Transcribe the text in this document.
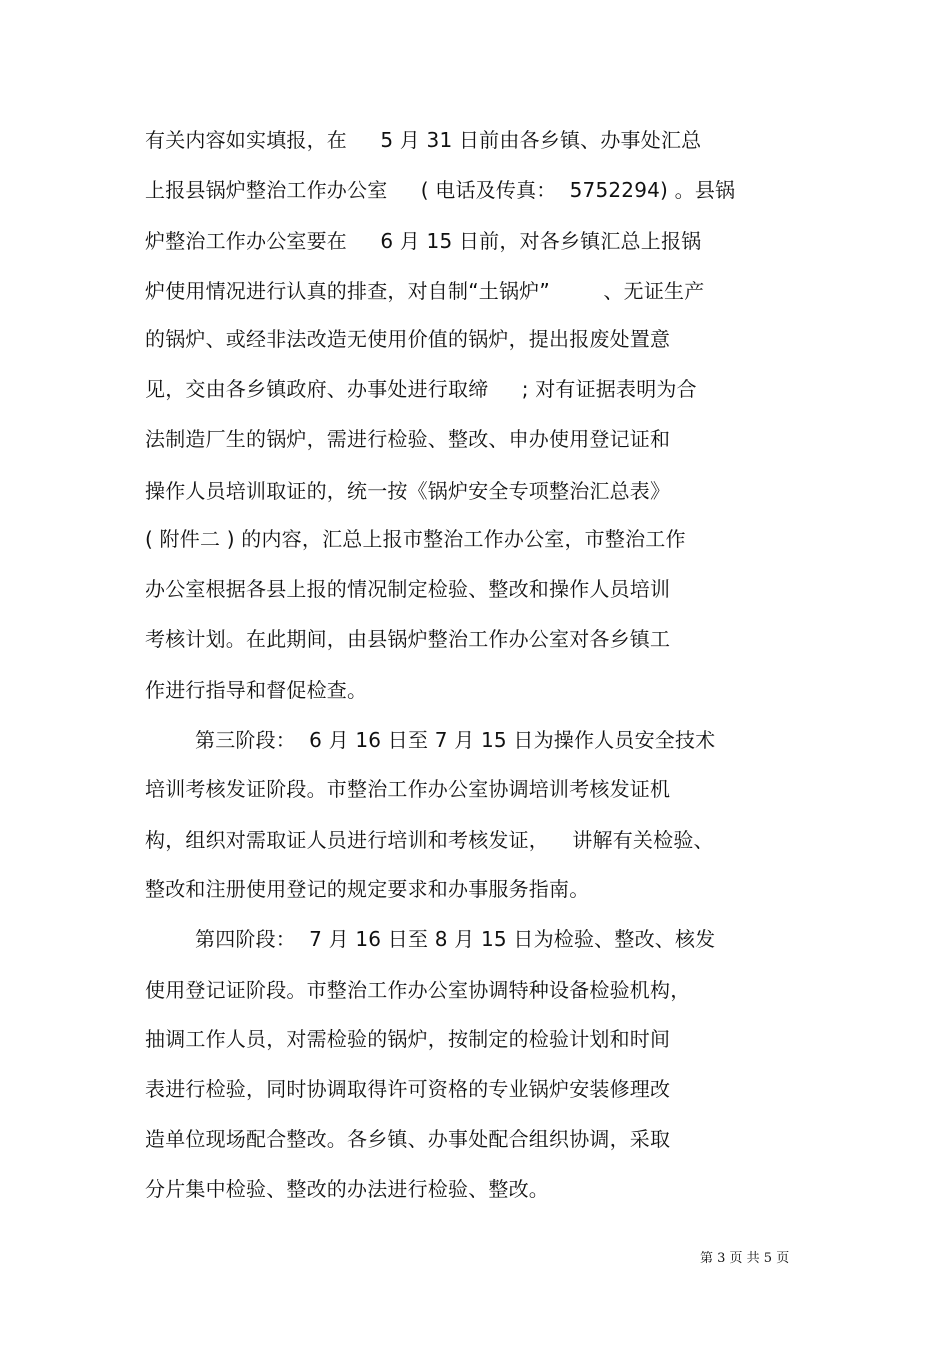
有关内容如实填报，在　  5 月 31 日前由各乡镇、办事处汇总
上报县锅炉整治工作办公室　  ( 电话及传真：  5752294) 。县锅
炉整治工作办公室要在　  6 月 15 日前，对各乡镇汇总上报锅
炉使用情况进行认真的排查，对自制“土锅炉”　　  、无证生产
的锅炉、或经非法改造无使用价值的锅炉，提出报废处置意
见，交由各乡镇政府、办事处进行取缔　  ; 对有证据表明为合
法制造厂生的锅炉，需进行检验、整改、申办使用登记证和
操作人员培训取证的，统一按《锅炉安全专项整治汇总表》
( 附件二 ) 的内容，汇总上报市整治工作办公室，市整治工作
办公室根据各县上报的情况制定检验、整改和操作人员培训
考核计划。在此期间，由县锅炉整治工作办公室对各乡镇工
作进行指导和督促检查。
第三阶段：  6 月 16 日至 7 月 15 日为操作人员安全技术
培训考核发证阶段。市整治工作办公室协调培训考核发证机
构，组织对需取证人员进行培训和考核发证，　  讲解有关检验、
整改和注册使用登记的规定要求和办事服务指南。
第四阶段：  7 月 16 日至 8 月 15 日为检验、整改、核发
使用登记证阶段。市整治工作办公室协调特种设备检验机构，
抽调工作人员，对需检验的锅炉，按制定的检验计划和时间
表进行检验，同时协调取得许可资格的专业锅炉安装修理改
造单位现场配合整改。各乡镇、办事处配合组织协调，采取
分片集中检验、整改的办法进行检验、整改。
第 3 页 共 5 页
